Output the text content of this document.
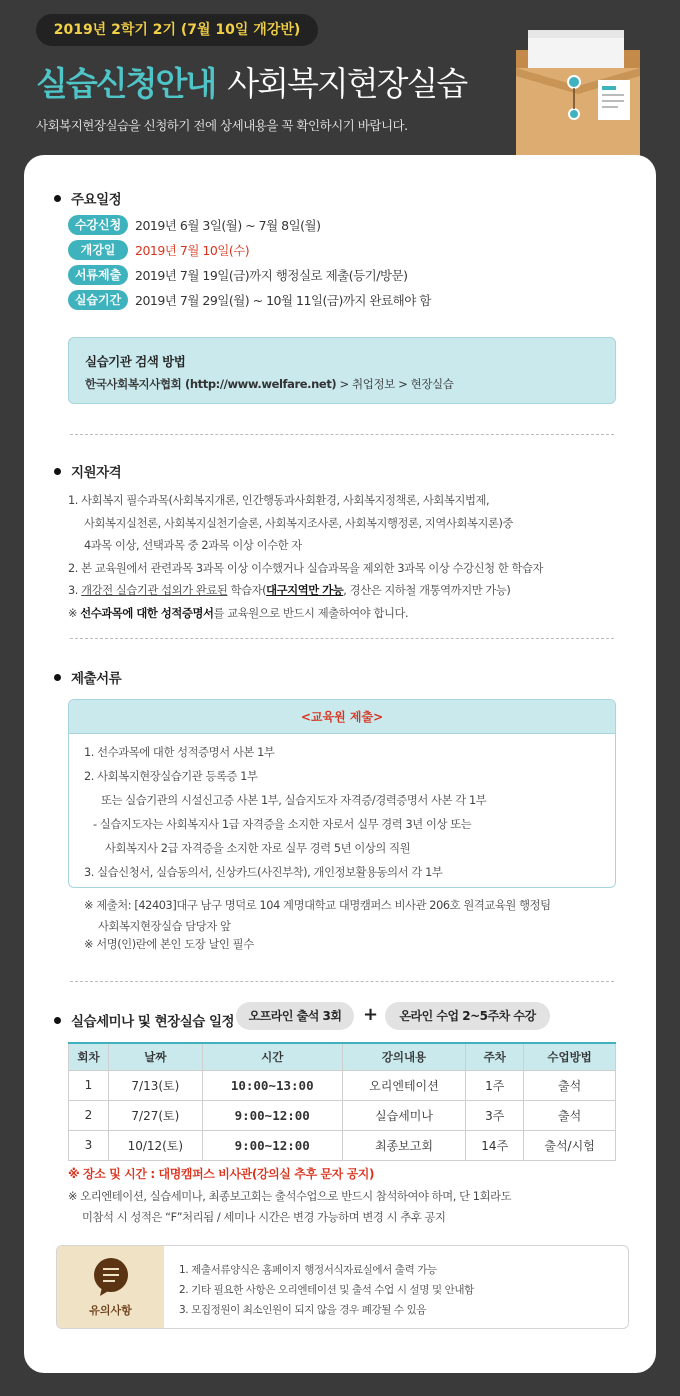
2019년 2학기 2기 (7월 10일 개강반)
실습신청안내 사회복지현장실습
사회복지현장실습을 신청하기 전에 상세내용을 꼭 확인하시기 바랍니다.
주요일정
수강신청	2019년 6월 3일(월) ~ 7월 8일(월)
개강일	2019년 7월 10일(수)
서류제출	2019년 7월 19일(금)까지 행정실로 제출(등기/방문)
실습기간	2019년 7월 29일(월) ~ 10월 11일(금)까지 완료해야 함
실습기관 검색 방법
한국사회복지사협회 (http://www.welfare.net) > 취업정보 > 현장실습
지원자격
1. 사회복지 필수과목(사회복지개론, 인간행동과사회환경, 사회복지정책론, 사회복지법제,
사회복지실천론, 사회복지실천기술론, 사회복지조사론, 사회복지행정론, 지역사회복지론)중
4과목 이상, 선택과목 중 2과목 이상 이수한 자
2. 본 교육원에서 관련과목 3과목 이상 이수했거나 실습과목을 제외한 3과목 이상 수강신청 한 학습자
3. 개강전 실습기관 섭외가 완료된 학습자(대구지역만 가능, 경산은 지하철 개통역까지만 가능)
※ 선수과목에 대한 성적증명서를 교육원으로 반드시 제출하여야 합니다.
제출서류
<교육원 제출>
1. 선수과목에 대한 성적증명서 사본 1부
2. 사회복지현장실습기관 등록증 1부
또는 실습기관의 시설신고증 사본 1부, 실습지도자 자격증/경력증명서 사본 각 1부
- 실습지도자는 사회복지사 1급 자격증을 소지한 자로서 실무 경력 3년 이상 또는
사회복지사 2급 자격증을 소지한 자로 실무 경력 5년 이상의 직원
3. 실습신청서, 실습동의서, 신상카드(사진부착), 개인정보활용동의서 각 1부
※ 제출처: [42403]대구 남구 명덕로 104 계명대학교 대명캠퍼스 비사관 206호 원격교육원 행정팀
사회복지현장실습 담당자 앞
※ 서명(인)란에 본인 도장 날인 필수
실습세미나 및 현장실습 일정	오프라인 출석 3회	+	온라인 수업 2~5주차 수강
회차	날짜	시간	강의내용	주차	수업방법
1	7/13(토)	10:00~13:00	오리엔테이션	1주	출석
2	7/27(토)	9:00~12:00	실습세미나	3주	출석
3	10/12(토)	9:00~12:00	최종보고회	14주	출석/시험
※ 장소 및 시간 : 대명캠퍼스 비사관(강의실 추후 문자 공지)
※ 오리엔테이션, 실습세미나, 최종보고회는 출석수업으로 반드시 참석하여야 하며, 단 1회라도
미참석 시 성적은 “F”처리됨 / 세미나 시간은 변경 가능하며 변경 시 추후 공지
유의사항
1. 제출서류양식은 홈페이지 행정서식자료실에서 출력 가능
2. 기타 필요한 사항은 오리엔테이션 및 출석 수업 시 설명 및 안내함
3. 모집정원이 최소인원이 되지 않을 경우 폐강될 수 있음
